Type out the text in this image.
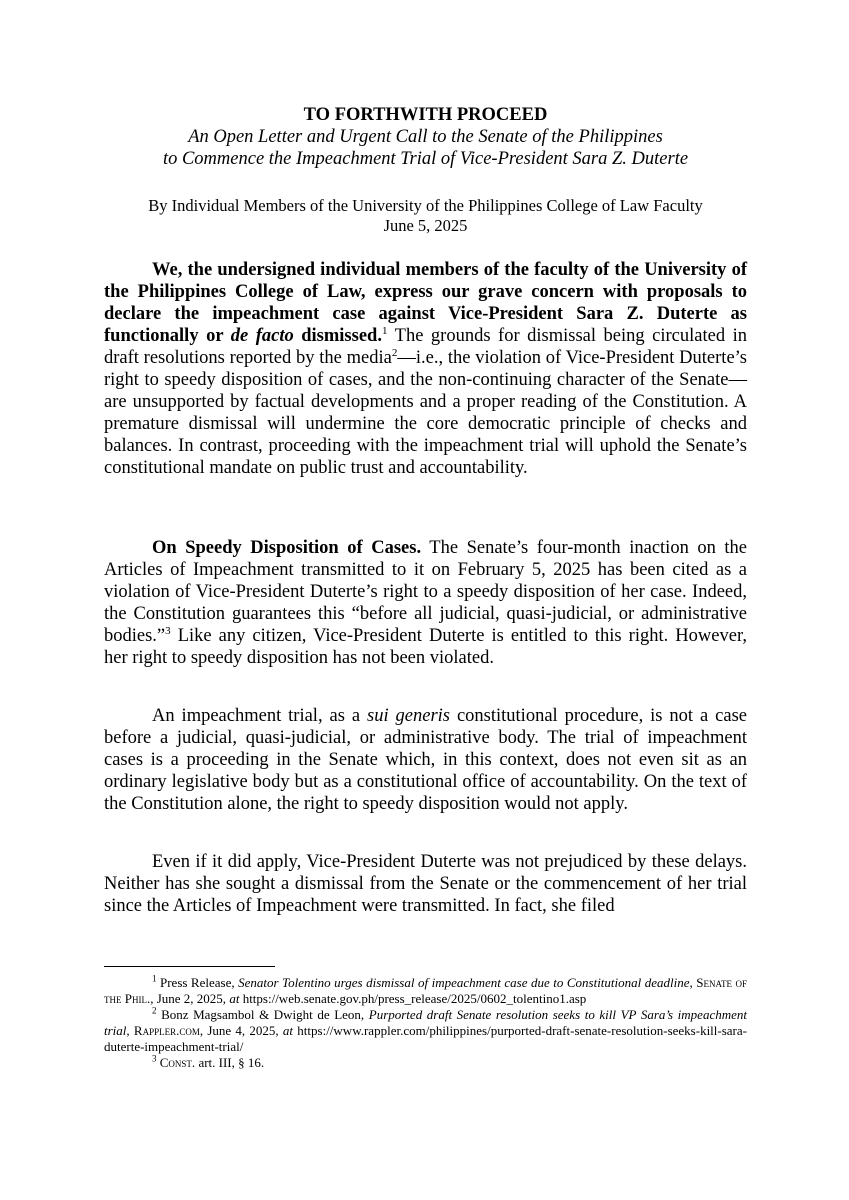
TO FORTHWITH PROCEED
An Open Letter and Urgent Call to the Senate of the Philippines
to Commence the Impeachment Trial of Vice-President Sara Z. Duterte
By Individual Members of the University of the Philippines College of Law Faculty
June 5, 2025

We, the undersigned individual members of the faculty of the University of the Philippines College of Law, express our grave concern with proposals to declare the impeachment case against Vice-President Sara Z. Duterte as functionally or de facto dismissed.$^1$ The grounds for dismissal being circulated in draft resolutions reported by the media$^2$—i.e., the violation of Vice-President Duterte’s right to speedy disposition of cases, and the non-continuing character of the Senate—are unsupported by factual developments and a proper reading of the Constitution. A premature dismissal will undermine the core democratic principle of checks and balances. In contrast, proceeding with the impeachment trial will uphold the Senate’s constitutional mandate on public trust and accountability.

On Speedy Disposition of Cases. The Senate’s four-month inaction on the Articles of Impeachment transmitted to it on February 5, 2025 has been cited as a violation of Vice-President Duterte’s right to a speedy disposition of her case. Indeed, the Constitution guarantees this “before all judicial, quasi-judicial, or administrative bodies.”$^3$ Like any citizen, Vice-President Duterte is entitled to this right. However, her right to speedy disposition has not been violated.

An impeachment trial, as a sui generis constitutional procedure, is not a case before a judicial, quasi-judicial, or administrative body. The trial of impeachment cases is a proceeding in the Senate which, in this context, does not even sit as an ordinary legislative body but as a constitutional office of accountability. On the text of the Constitution alone, the right to speedy disposition would not apply.

Even if it did apply, Vice-President Duterte was not prejudiced by these delays. Neither has she sought a dismissal from the Senate or the commencement of her trial since the Articles of Impeachment were transmitted. In fact, she filed

$^1$ Press Release, Senator Tolentino urges dismissal of impeachment case due to Constitutional deadline, Senate of the Phil., June 2, 2025, at https://web.senate.gov.ph/press_release/2025/0602_tolentino1.asp

$^2$ Bonz Magsambol & Dwight de Leon, Purported draft Senate resolution seeks to kill VP Sara’s impeachment trial, Rappler.com, June 4, 2025, at https://www.rappler.com/philippines/purported-draft-senate-resolution-seeks-kill-sara-duterte-impeachment-trial/

$^3$ Const. art. III, § 16.
